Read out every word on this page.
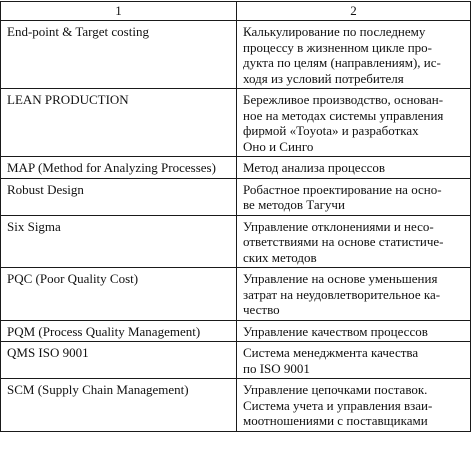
1	2
End-point & Target costing	Калькулирование по последнему
процессу в жизненном цикле про-
дукта по целям (направлениям), ис-
ходя из условий потребителя

LEAN PRODUCTION	Бережливое производство, основан-
ное на методах системы управления
фирмой «Toyota» и разработках
Оно и Синго

MAP (Method for Analyzing Processes)	Метод анализа процессов

Robust Design	Робастное проектирование на осно-
ве методов Тагучи

Six Sigma	Управление отклонениями и несо-
ответствиями на основе статистиче-
ских методов

PQC (Poor Quality Cost)	Управление на основе уменьшения
затрат на неудовлетворительное ка-
чество

PQM (Process Quality Management)	Управление качеством процессов

QMS ISO 9001	Система менеджмента качества
по ISO 9001

SCM (Supply Chain Management)	Управление цепочками поставок.
Система учета и управления взаи-
моотношениями с поставщиками
